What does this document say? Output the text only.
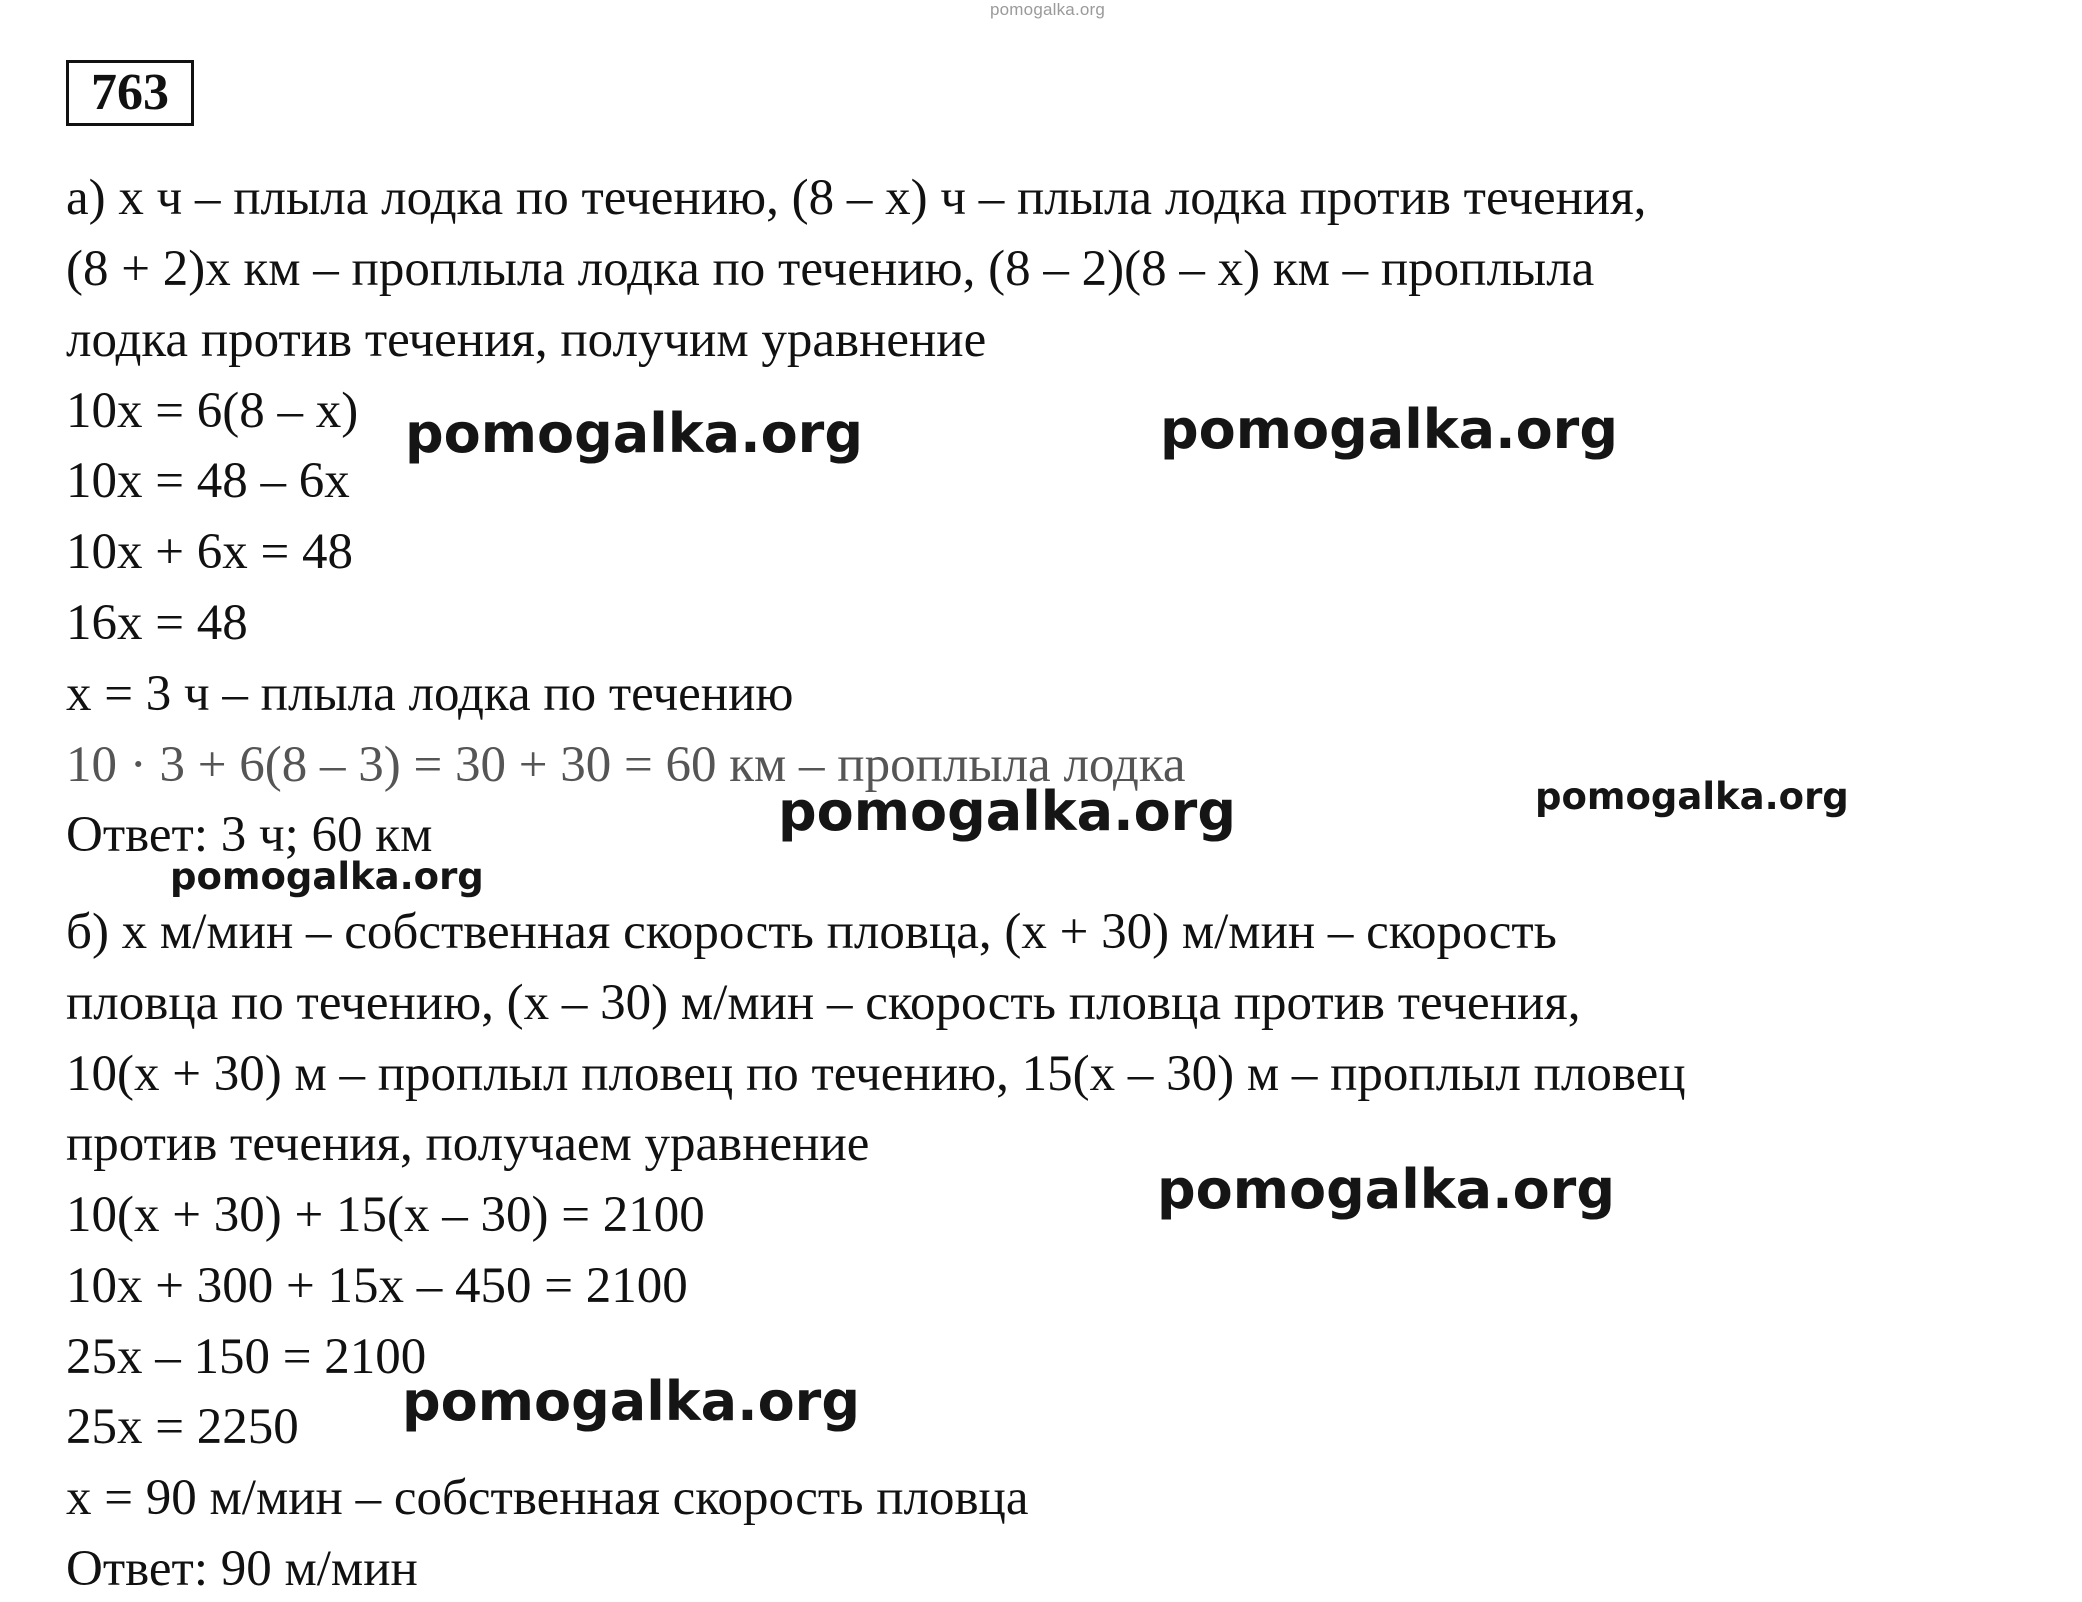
pomogalka.org
763
а) х ч – плыла лодка по течению, (8 – х) ч – плыла лодка против течения,
(8 + 2)х км – проплыла лодка по течению, (8 – 2)(8 – х) км – проплыла
лодка против течения, получим уравнение
10х = 6(8 – х)
10х = 48 – 6х
10х + 6х = 48
16х = 48
х = 3 ч – плыла лодка по течению
10 · 3 + 6(8 – 3) = 30 + 30 = 60 км – проплыла лодка
Ответ: 3 ч; 60 км
б) х м/мин – собственная скорость пловца, (х + 30) м/мин – скорость
пловца по течению, (х – 30) м/мин – скорость пловца против течения,
10(х + 30) м – проплыл пловец по течению, 15(х – 30) м – проплыл пловец
против течения, получаем уравнение
10(х + 30) + 15(х – 30) = 2100
10х + 300 + 15х – 450 = 2100
25х – 150 = 2100
25х = 2250
х = 90 м/мин – собственная скорость пловца
Ответ: 90 м/мин
pomogalka.org	pomogalka.org
pomogalka.org	pomogalka.org
pomogalka.org
pomogalka.org
pomogalka.org
